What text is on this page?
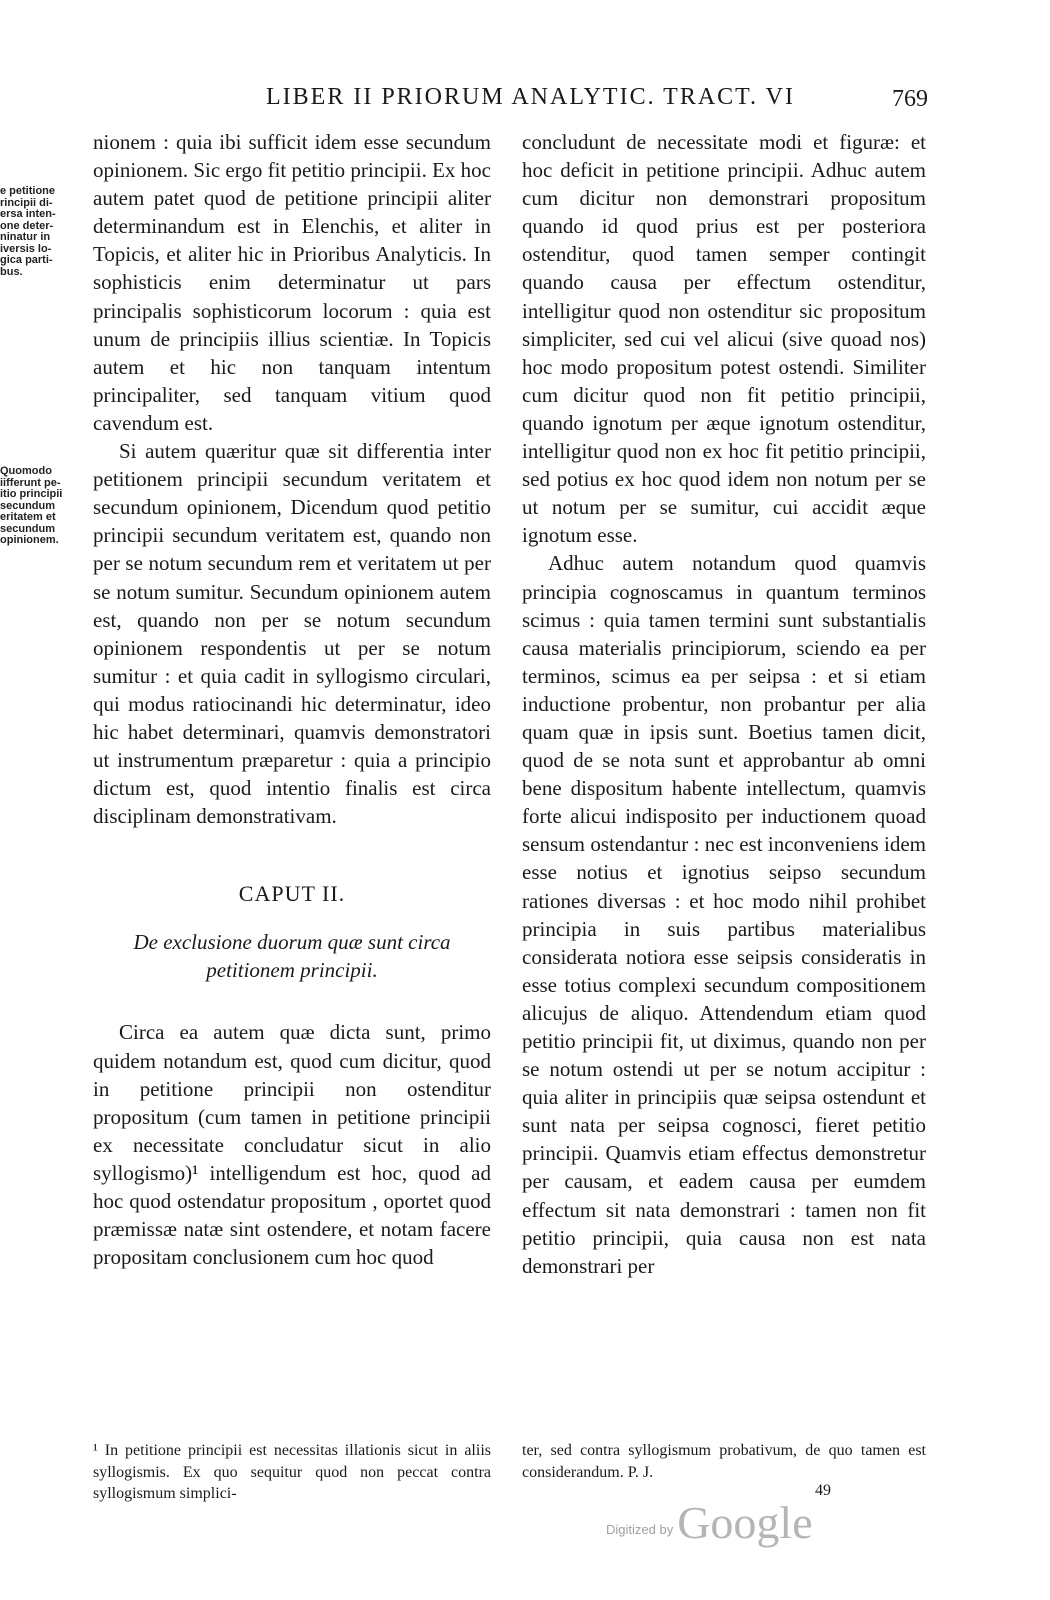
LIBER II PRIORUM ANALYTIC. TRACT. VI	769
e petitione
rincipii di-
ersa inten-
one deter-
ninatur in
iversis lo-
gica parti-
bus.
Quomodo
iifferunt pe-
itio principii
secundum
eritatem et
secundum
opinionem.

nionem : quia ibi sufficit idem esse secundum opinionem. Sic ergo fit petitio principii. Ex hoc autem patet quod de petitione principii aliter determinandum est in Elenchis, et aliter in Topicis, et aliter hic in Prioribus Analyticis. In sophisticis enim determinatur ut pars principalis sophisticorum locorum : quia est unum de principiis illius scientiæ. In Topicis autem et hic non tanquam intentum principaliter, sed tanquam vitium quod cavendum est.

Si autem quæritur quæ sit differentia inter petitionem principii secundum veritatem et secundum opinionem, Dicendum quod petitio principii secundum veritatem est, quando non per se notum secundum rem et veritatem ut per se notum sumitur. Secundum opinionem autem est, quando non per se notum secundum opinionem respondentis ut per se notum sumitur : et quia cadit in syllogismo circulari, qui modus ratiocinandi hic determinatur, ideo hic habet determinari, quamvis demonstratori ut instrumentum præparetur : quia a principio dictum est, quod intentio finalis est circa disciplinam demonstrativam.

CAPUT II.

De exclusione duorum quæ sunt circa petitionem principii.

Circa ea autem quæ dicta sunt, primo quidem notandum est, quod cum dicitur, quod in petitione principii non ostenditur propositum (cum tamen in petitione principii ex necessitate concludatur sicut in alio syllogismo)¹ intelligendum est hoc, quod ad hoc quod ostendatur propositum , oportet quod præmissæ natæ sint ostendere, et notam facere propositam conclusionem cum hoc quod

concludunt de necessitate modi et figuræ: et hoc deficit in petitione principii. Adhuc autem cum dicitur non demonstrari propositum quando id quod prius est per posteriora ostenditur, quod tamen semper contingit quando causa per effectum ostenditur, intelligitur quod non ostenditur sic propositum simpliciter, sed cui vel alicui (sive quoad nos) hoc modo propositum potest ostendi. Similiter cum dicitur quod non fit petitio principii, quando ignotum per æque ignotum ostenditur, intelligitur quod non ex hoc fit petitio principii, sed potius ex hoc quod idem non notum per se ut notum per se sumitur, cui accidit æque ignotum esse.

Adhuc autem notandum quod quamvis principia cognoscamus in quantum terminos scimus : quia tamen termini sunt substantialis causa materialis principiorum, sciendo ea per terminos, scimus ea per seipsa : et si etiam inductione probentur, non probantur per alia quam quæ in ipsis sunt. Boetius tamen dicit, quod de se nota sunt et approbantur ab omni bene dispositum habente intellectum, quamvis forte alicui indisposito per inductionem quoad sensum ostendantur : nec est inconveniens idem esse notius et ignotius seipso secundum rationes diversas : et hoc modo nihil prohibet principia in suis partibus materialibus considerata notiora esse seipsis consideratis in esse totius complexi secundum compositionem alicujus de aliquo. Attendendum etiam quod petitio principii fit, ut diximus, quando non per se notum ostendi ut per se notum accipitur : quia aliter in principiis quæ seipsa ostendunt et sunt nata per seipsa cognosci, fieret petitio principii. Quamvis etiam effectus demonstretur per causam, et eadem causa per eumdem effectum sit nata demonstrari : tamen non fit petitio principii, quia causa non est nata demonstrari per

¹ In petitione principii est necessitas illationis sicut in aliis syllogismis. Ex quo sequitur quod non peccat contra syllogismum simplici-

ter, sed contra syllogismum probativum, de quo tamen est considerandum. P. J.

49
$^{Digitized by}$ Google
